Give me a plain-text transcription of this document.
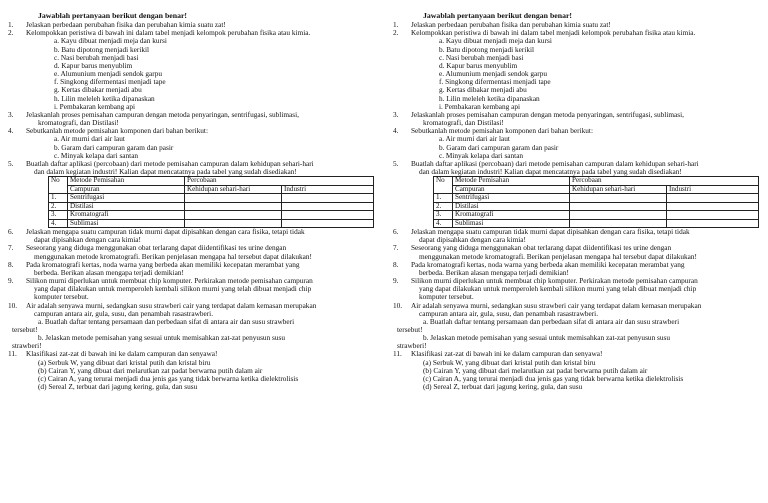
Jawablah pertanyaan berikut dengan benar!
1.	Jelaskan perbedaan perubahan fisika dan perubahan kimia suatu zat!
2.	Kelompokkan peristiwa di bawah ini dalam tabel menjadi kelompok perubahan fisika atau kimia.
a. Kayu dibuat menjadi meja dan kursi
b. Batu dipotong menjadi kerikil
c. Nasi berubah menjadi basi
d. Kapur barus menyublim
e. Alumunium menjadi sendok garpu
f. Singkong difermentasi menjadi tape
g. Kertas dibakar menjadi abu
h. Lilin meleleh ketika dipanaskan
i. Pembakaran kembang api
3.	Jelaskanlah proses pemisahan campuran dengan metoda penyaringan, sentrifugasi, sublimasi,
kromatografi, dan Distilasi!
4.	Sebutkanlah metode pemisahan komponen dari bahan berikut:
a. Air murni dari air laut
b. Garam dari campuran garam dan pasir
c. Minyak kelapa dari santan
5.	Buatlah daftar aplikasi (percobaan) dari metode pemisahan campuran dalam kehidupan sehari-hari
dan dalam kegiatan industri! Kalian dapat mencatatnya pada tabel yang sudah disediakan!
No	Metode Pemisahan	Percobaan	
	Campuran	Kehidupan sehari-hari	Industri
1.	Sentrifugasi		
2.	Distilasi		
3.	Kromatografi		
4.	Sublimasi		
6.	Jelaskan mengapa suatu campuran tidak murni dapat dipisahkan dengan cara fisika, tetapi tidak
dapat dipisahkan dengan cara kimia!
7.	Seseorang yang diduga menggunakan obat terlarang dapat diidentifikasi tes urine dengan
menggunakan metode kromatografi. Berikan penjelasan mengapa hal tersebut dapat dilakukan!
8.	Pada kromatografi kertas, noda warna yang berbeda akan memiliki kecepatan merambat yang
berbeda. Berikan alasan mengapa terjadi demikian!
9.	Silikon murni diperlukan untuk membuat chip komputer. Perkirakan metode pemisahan campuran
yang dapat dilakukan untuk memperoleh kembali silikon murni yang telah dibuat menjadi chip
komputer tersebut.
10.	Air adalah senyawa murni, sedangkan susu strawberi cair yang terdapat dalam kemasan merupakan
campuran antara air, gula, susu, dan penambah rasastrawberi.
a. Buatlah daftar tentang persamaan dan perbedaan sifat di antara air dan susu strawberi
tersebut!
b. Jelaskan metode pemisahan yang sesuai untuk memisahkan zat-zat penyusun susu
strawberi!
11.	Klasifikasi zat-zat di bawah ini ke dalam campuran dan senyawa!
(a) Serbuk W, yang dibuat dari kristal putih dan kristal biru
(b) Cairan Y, yang dibuat dari melarutkan zat padat berwarna putih dalam air
(c) Cairan A, yang terurai menjadi dua jenis gas yang tidak berwarna ketika dielektrolisis
(d) Sereal Z, terbuat dari jagung kering, gula, dan susu
Jawablah pertanyaan berikut dengan benar!
1.	Jelaskan perbedaan perubahan fisika dan perubahan kimia suatu zat!
2.	Kelompokkan peristiwa di bawah ini dalam tabel menjadi kelompok perubahan fisika atau kimia.
a. Kayu dibuat menjadi meja dan kursi
b. Batu dipotong menjadi kerikil
c. Nasi berubah menjadi basi
d. Kapur barus menyublim
e. Alumunium menjadi sendok garpu
f. Singkong difermentasi menjadi tape
g. Kertas dibakar menjadi abu
h. Lilin meleleh ketika dipanaskan
i. Pembakaran kembang api
3.	Jelaskanlah proses pemisahan campuran dengan metoda penyaringan, sentrifugasi, sublimasi,
kromatografi, dan Distilasi!
4.	Sebutkanlah metode pemisahan komponen dari bahan berikut:
a. Air murni dari air laut
b. Garam dari campuran garam dan pasir
c. Minyak kelapa dari santan
5.	Buatlah daftar aplikasi (percobaan) dari metode pemisahan campuran dalam kehidupan sehari-hari
dan dalam kegiatan industri! Kalian dapat mencatatnya pada tabel yang sudah disediakan!
No	Metode Pemisahan	Percobaan	
	Campuran	Kehidupan sehari-hari	Industri
1.	Sentrifugasi		
2.	Distilasi		
3.	Kromatografi		
4.	Sublimasi		
6.	Jelaskan mengapa suatu campuran tidak murni dapat dipisahkan dengan cara fisika, tetapi tidak
dapat dipisahkan dengan cara kimia!
7.	Seseorang yang diduga menggunakan obat terlarang dapat diidentifikasi tes urine dengan
menggunakan metode kromatografi. Berikan penjelasan mengapa hal tersebut dapat dilakukan!
8.	Pada kromatografi kertas, noda warna yang berbeda akan memiliki kecepatan merambat yang
berbeda. Berikan alasan mengapa terjadi demikian!
9.	Silikon murni diperlukan untuk membuat chip komputer. Perkirakan metode pemisahan campuran
yang dapat dilakukan untuk memperoleh kembali silikon murni yang telah dibuat menjadi chip
komputer tersebut.
10.	Air adalah senyawa murni, sedangkan susu strawberi cair yang terdapat dalam kemasan merupakan
campuran antara air, gula, susu, dan penambah rasastrawberi.
a. Buatlah daftar tentang persamaan dan perbedaan sifat di antara air dan susu strawberi
tersebut!
b. Jelaskan metode pemisahan yang sesuai untuk memisahkan zat-zat penyusun susu
strawberi!
11.	Klasifikasi zat-zat di bawah ini ke dalam campuran dan senyawa!
(a) Serbuk W, yang dibuat dari kristal putih dan kristal biru
(b) Cairan Y, yang dibuat dari melarutkan zat padat berwarna putih dalam air
(c) Cairan A, yang terurai menjadi dua jenis gas yang tidak berwarna ketika dielektrolisis
(d) Sereal Z, terbuat dari jagung kering, gula, dan susu
